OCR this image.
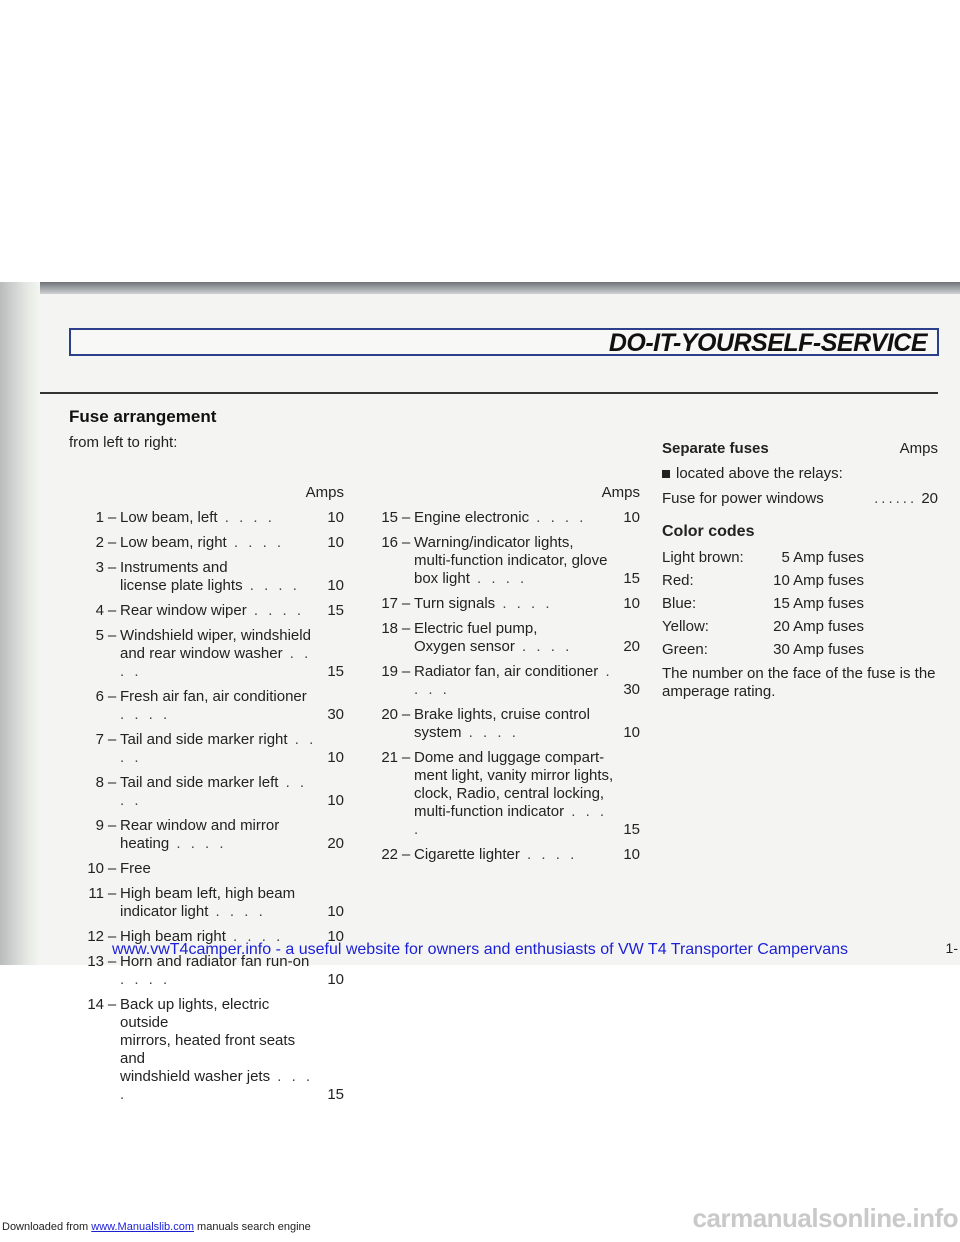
DO-IT-YOURSELF-SERVICE
Fuse arrangement
from left to right:
Amps
1 – Low beam, left . . . .	10
2 – Low beam, right . . . .	10
3 – Instruments and
license plate lights . . . .	10
4 – Rear window wiper . . . .	15
5 – Windshield wiper, windshield
and rear window washer . . . .	15
6 – Fresh air fan, air conditioner . . . .	30
7 – Tail and side marker right . . . .	10
8 – Tail and side marker left . . . .	10
9 – Rear window and mirror
heating . . . .	20
10 – Free
11 – High beam left, high beam
indicator light . . . .	10
12 – High beam right . . . .	10
13 – Horn and radiator fan run-on . . . .	10
14 – Back up lights, electric outside
mirrors, heated front seats and
windshield washer jets . . . .	15
Amps
15 – Engine electronic . . . .	10
16 – Warning/indicator lights,
multi-function indicator, glove
box light . . . .	15
17 – Turn signals . . . .	10
18 – Electric fuel pump,
Oxygen sensor . . . .	20
19 – Radiator fan, air conditioner . . . .	30
20 – Brake lights, cruise control
system . . . .	10
21 – Dome and luggage compart-
ment light, vanity mirror lights,
clock, Radio, central locking,
multi-function indicator . . . .	15
22 – Cigarette lighter . . . .	10
Separate fuses	Amps
located above the relays:
Fuse for power windows	...... 20
Color codes
Light brown:	5 Amp fuses
Red:	10 Amp fuses
Blue:	15 Amp fuses
Yellow:	20 Amp fuses
Green:	30 Amp fuses
The number on the face of the fuse is the amperage rating.
www.vwT4camper.info - a useful website for owners and enthusiasts of VW T4 Transporter Campervans	1-
carmanualsonline.info
Downloaded from www.Manualslib.com manuals search engine
